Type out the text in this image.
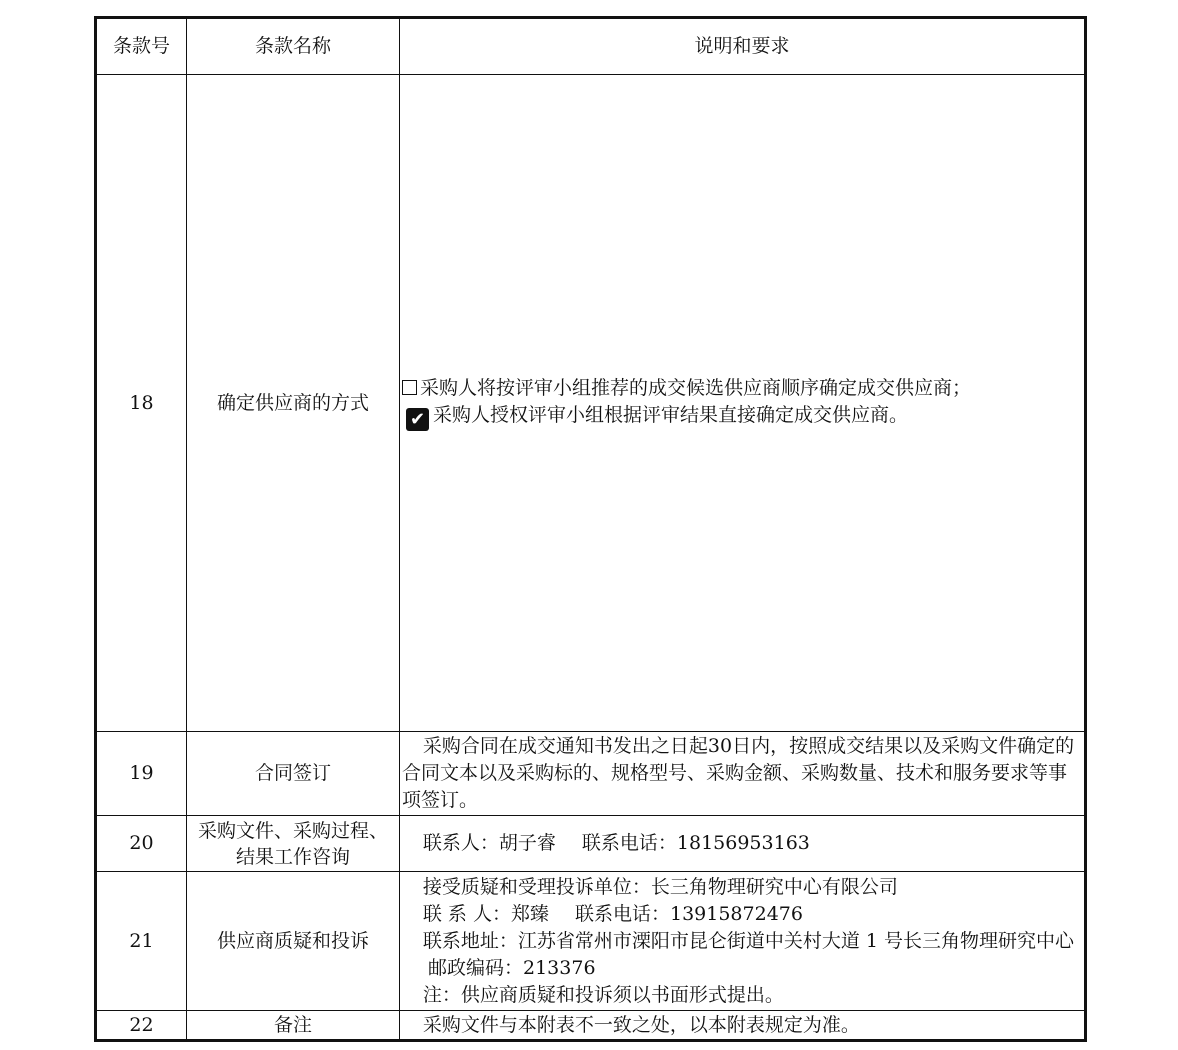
条款号	条款名称	说明和要求
18	确定供应商的方式	采购人将按评审小组推荐的成交候选供应商顺序确定成交供应商；
✔ 采购人授权评审小组根据评审结果直接确定成交供应商。

19	合同签订	采购合同在成交通知书发出之日起30日内，按照成交结果以及采购文件确定的合同文本以及采购标的、规格型号、采购金额、采购数量、技术和服务要求等事项签订。
20	采购文件、采购过程、结果工作咨询	联系人：胡子睿 联系电话：18156953163
21	供应商质疑和投诉	接受质疑和受理投诉单位：长三角物理研究中心有限公司
联 系 人：郑臻 联系电话：13915872476
联系地址：江苏省常州市溧阳市昆仑街道中关村大道 1 号长三角物理研究中心邮政编码：213376
注：供应商质疑和投诉须以书面形式提出。

22	备注	采购文件与本附表不一致之处，以本附表规定为准。
